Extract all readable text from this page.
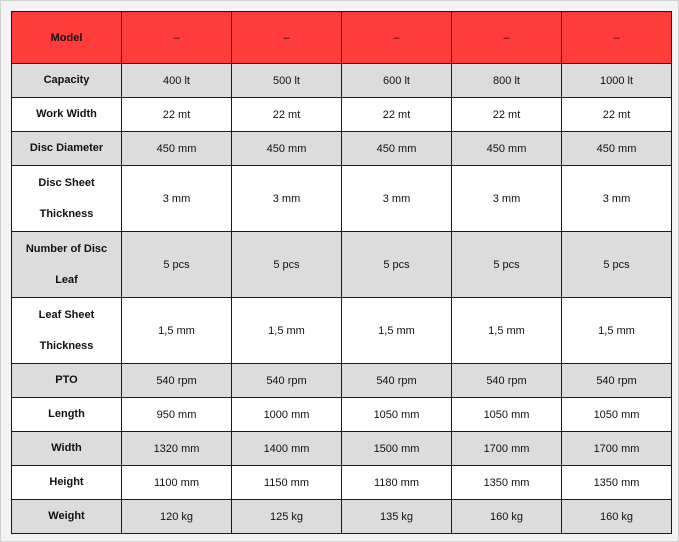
Model	–	–	–	–	–
Capacity	400 lt	500 lt	600 lt	800 lt	1000 lt
Work Width	22 mt	22 mt	22 mt	22 mt	22 mt
Disc Diameter	450 mm	450 mm	450 mm	450 mm	450 mm
Disc Sheet Thickness	3 mm	3 mm	3 mm	3 mm	3 mm
Number of Disc Leaf	5 pcs	5 pcs	5 pcs	5 pcs	5 pcs
Leaf Sheet Thickness	1,5 mm	1,5 mm	1,5 mm	1,5 mm	1,5 mm
PTO	540 rpm	540 rpm	540 rpm	540 rpm	540 rpm
Length	950 mm	1000 mm	1050 mm	1050 mm	1050 mm
Width	1320 mm	1400 mm	1500 mm	1700 mm	1700 mm
Height	1100 mm	1150 mm	1180 mm	1350 mm	1350 mm
Weight	120 kg	125 kg	135 kg	160 kg	160 kg
